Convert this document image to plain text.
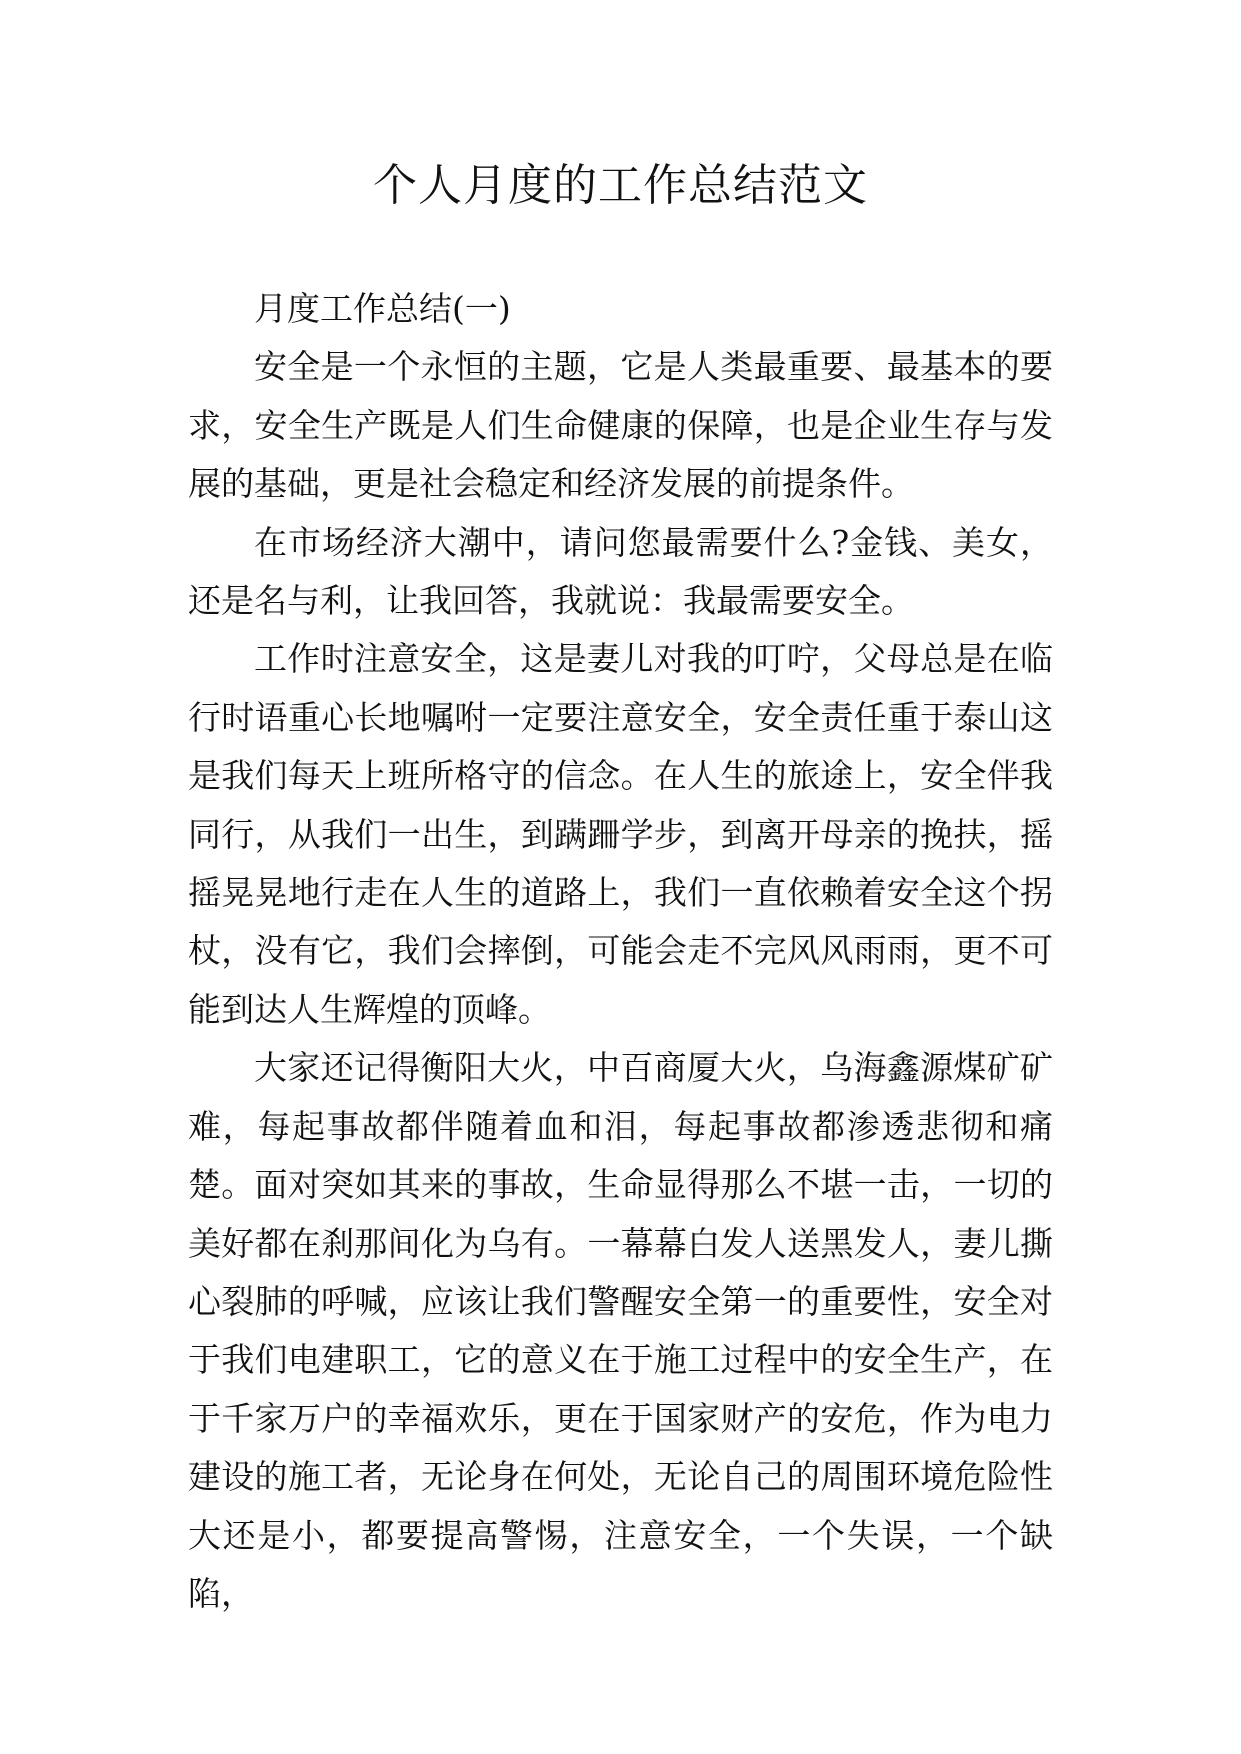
个人月度的工作总结范文

月度工作总结(一)

安全是一个永恒的主题，它是人类最重要、最基本的要求，安全生产既是人们生命健康的保障，也是企业生存与发展的基础，更是社会稳定和经济发展的前提条件。

在市场经济大潮中，请问您最需要什么?金钱、美女，还是名与利，让我回答，我就说：我最需要安全。

工作时注意安全，这是妻儿对我的叮咛，父母总是在临行时语重心长地嘱咐一定要注意安全，安全责任重于泰山这是我们每天上班所格守的信念。在人生的旅途上，安全伴我同行，从我们一出生，到蹒跚学步，到离开母亲的挽扶，摇摇晃晃地行走在人生的道路上，我们一直依赖着安全这个拐杖，没有它，我们会摔倒，可能会走不完风风雨雨，更不可能到达人生辉煌的顶峰。

大家还记得衡阳大火，中百商厦大火，乌海鑫源煤矿矿难，每起事故都伴随着血和泪，每起事故都渗透悲彻和痛楚。面对突如其来的事故，生命显得那么不堪一击，一切的美好都在刹那间化为乌有。一幕幕白发人送黑发人，妻儿撕心裂肺的呼喊，应该让我们警醒安全第一的重要性，安全对于我们电建职工，它的意义在于施工过程中的安全生产，在于千家万户的幸福欢乐，更在于国家财产的安危，作为电力建设的施工者，无论身在何处，无论自己的周围环境危险性大还是小，都要提高警惕，注意安全，一个失误，一个缺陷，
